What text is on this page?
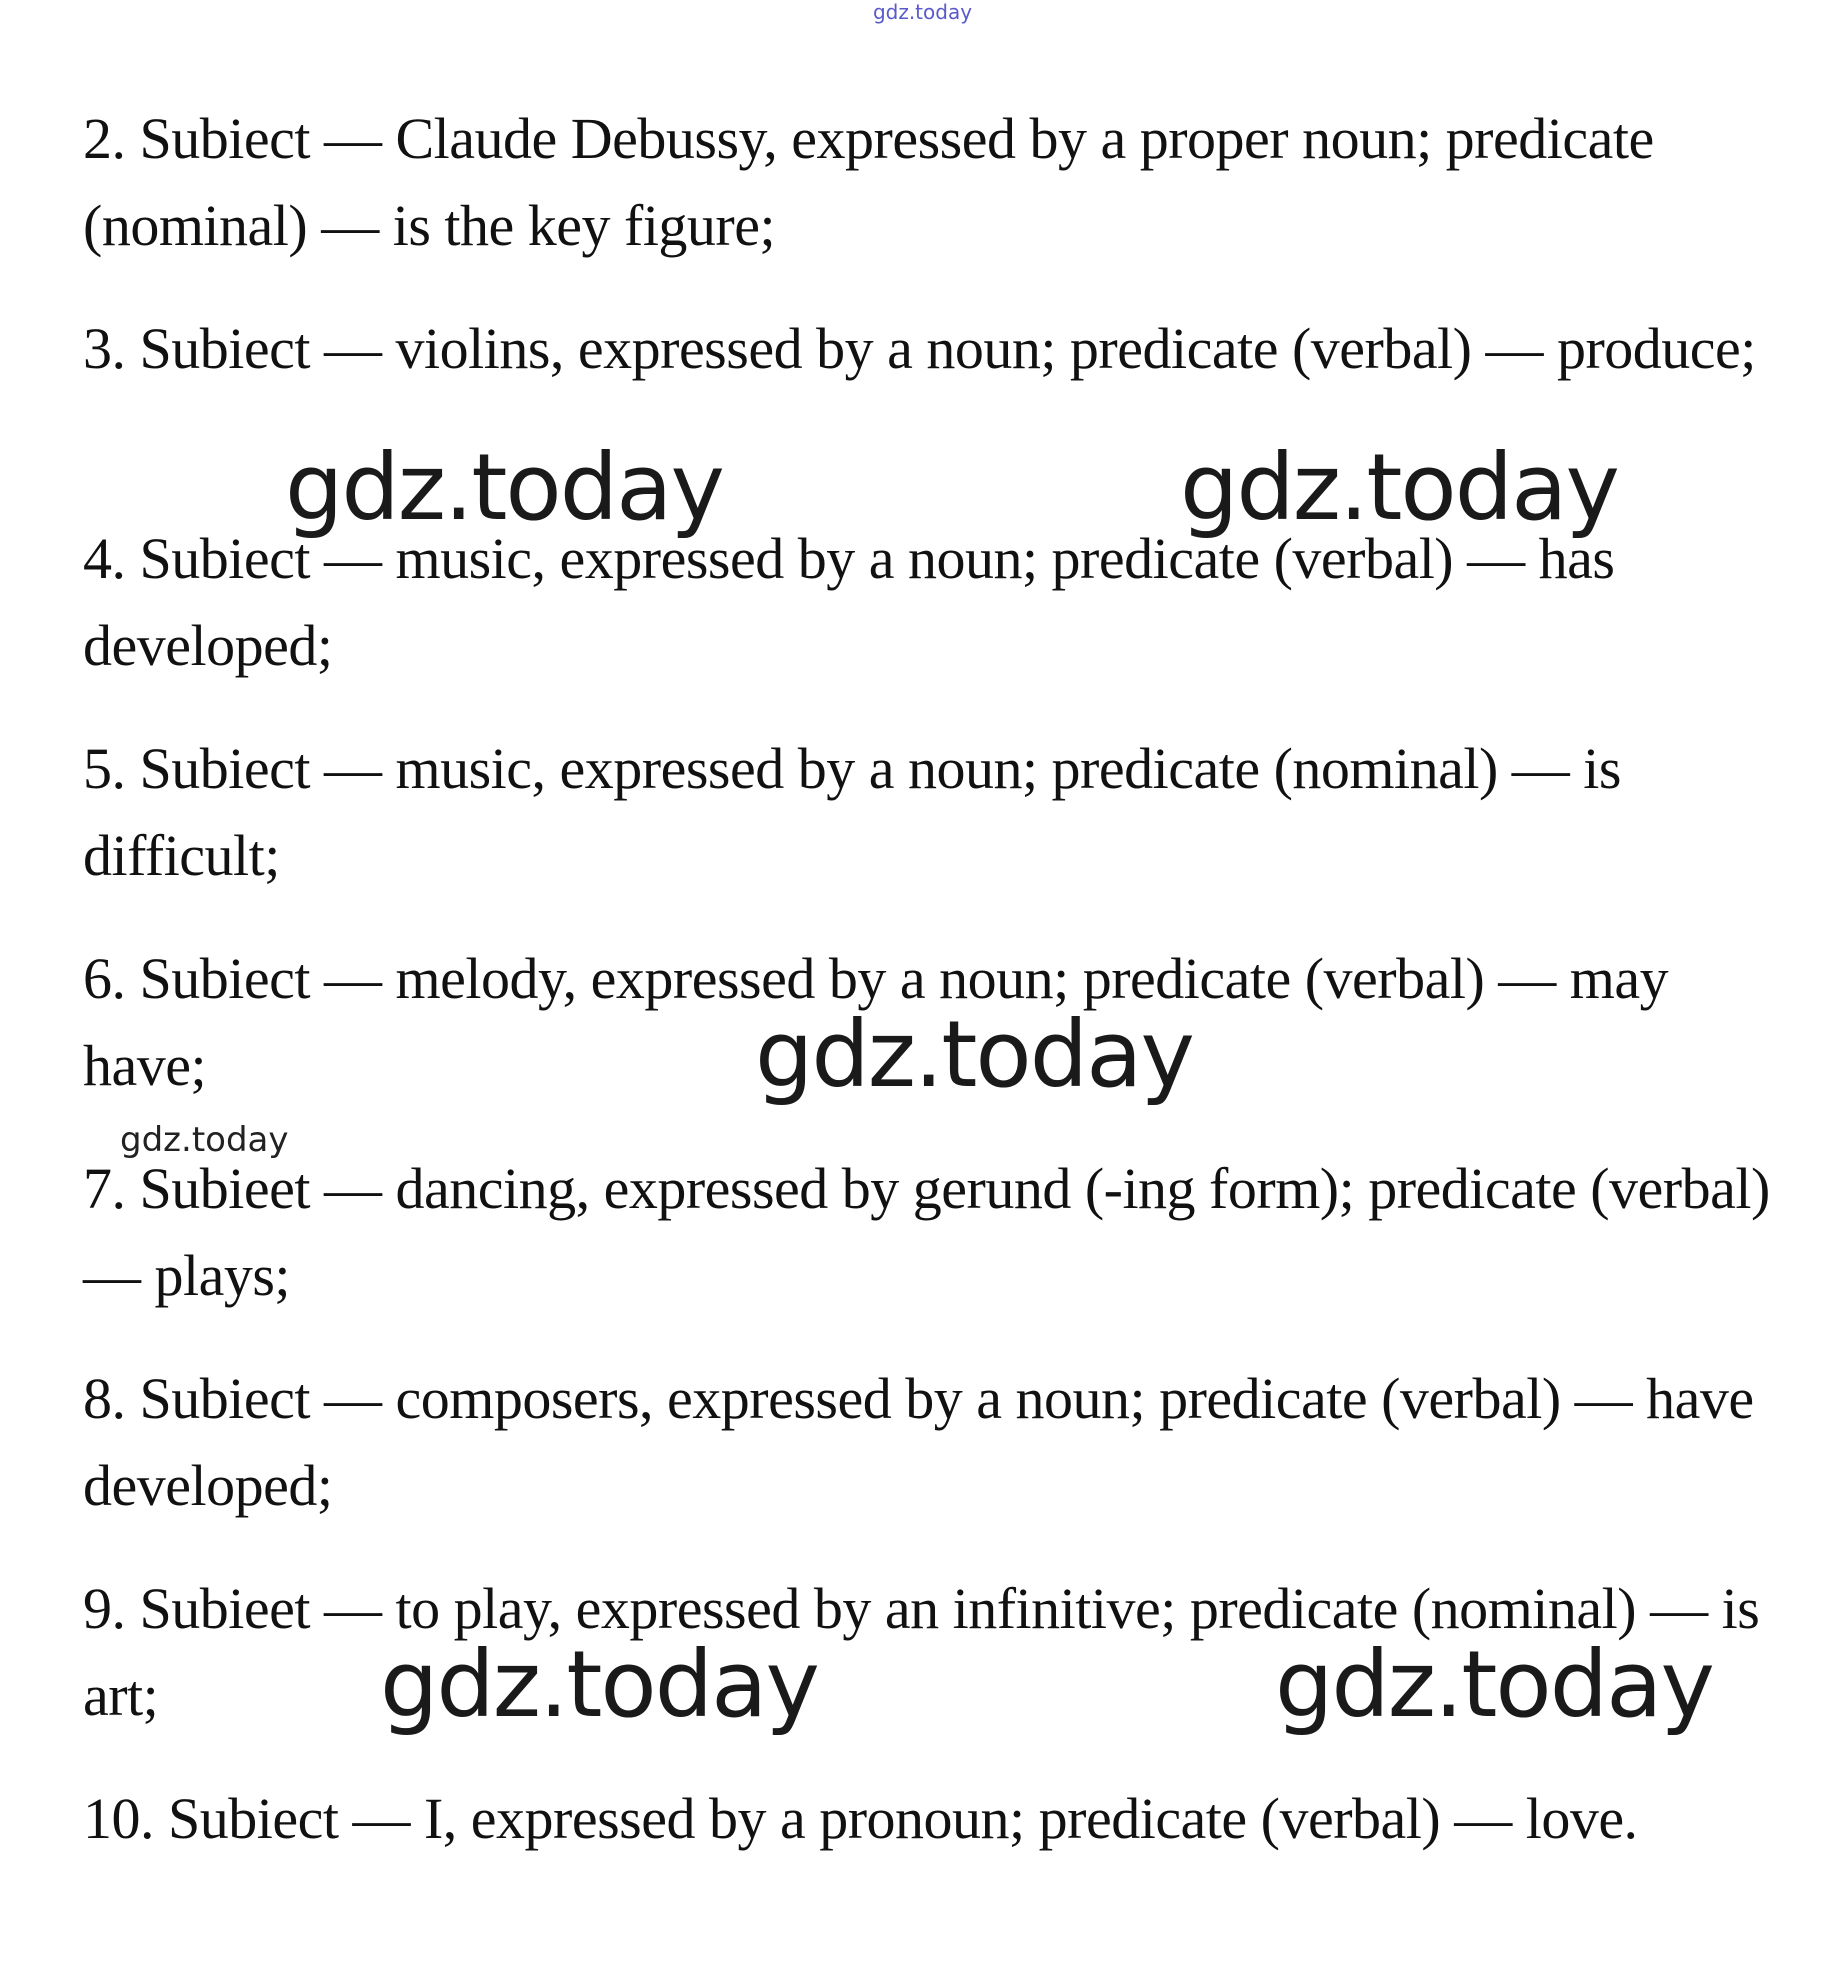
gdz.today
2. Subiect — Claude Debussy, expressed by a proper noun; predicate (nominal) — is the key figure;
3. Subiect — violins, expressed by a noun; predicate (verbal) — produce;
4. Subiect — music, expressed by a noun; predicate (verbal) — has developed;
5. Subiect — music, expressed by a noun; predicate (nominal) — is difficult;
6. Subiect — melody, expressed by a noun; predicate (verbal) — may have;
7. Subieet — dancing, expressed by gerund (-ing form); predicate (verbal) — plays;
8. Subiect — composers, expressed by a noun; predicate (verbal) — have developed;
9. Subieet — to play, expressed by an infinitive; predicate (nominal) — is art;
10. Subiect — I, expressed by a pronoun; predicate (verbal) — love.
gdz.today	gdz.today
gdz.today
gdz.today
gdz.today	gdz.today
